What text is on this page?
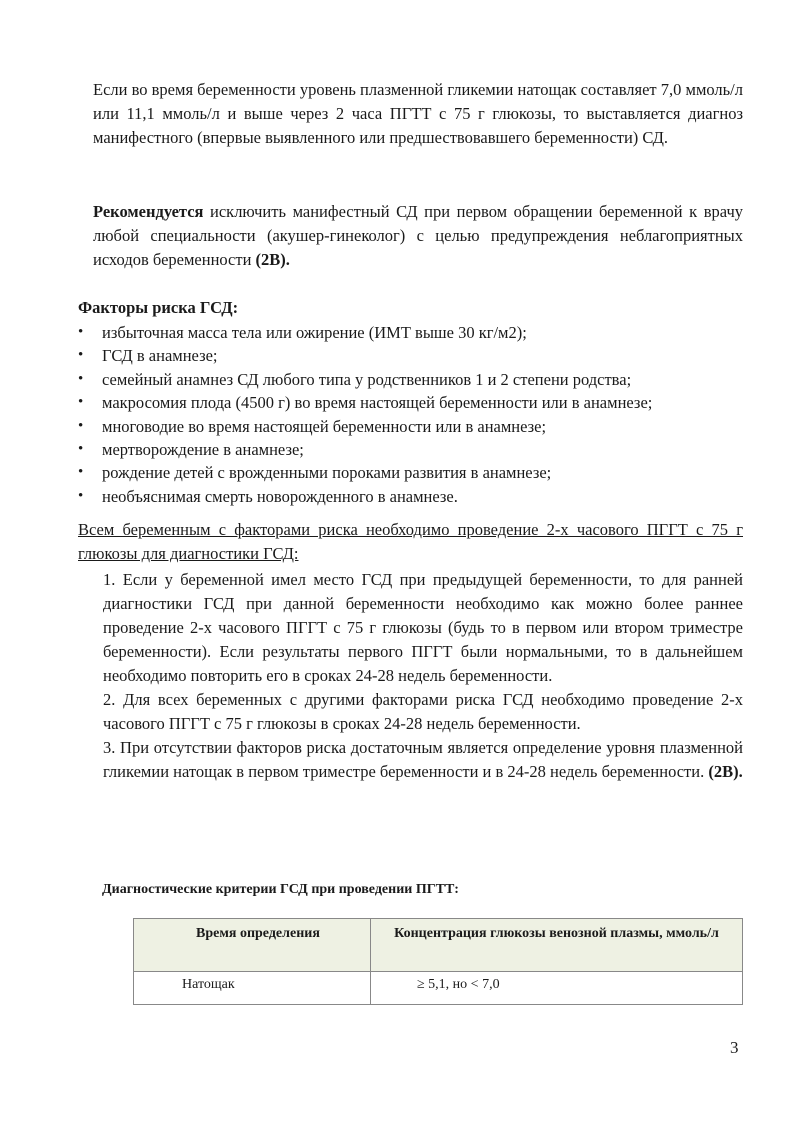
Если во время беременности уровень плазменной гликемии натощак составляет 7,0 ммоль/л или 11,1 ммоль/л и выше через 2 часа ПГТТ с 75 г глюкозы, то выставляется диагноз манифестного (впервые выявленного или предшествовавшего беременности) СД.
Рекомендуется исключить манифестный СД при первом обращении беременной к врачу любой специальности (акушер-гинеколог) с целью предупреждения неблагоприятных исходов беременности (2В).
Факторы риска ГСД:
• избыточная масса тела или ожирение (ИМТ выше 30 кг/м2);
• ГСД в анамнезе;
• семейный анамнез СД любого типа у родственников 1 и 2 степени родства;
• макросомия плода (4500 г) во время настоящей беременности или в анамнезе;
• многоводие во время настоящей беременности или в анамнезе;
• мертворождение в анамнезе;
• рождение детей с врожденными пороками развития в анамнезе;
• необъяснимая смерть новорожденного в анамнезе.
Всем беременным с факторами риска необходимо проведение 2-х часового ПГГТ с 75 г глюкозы для диагностики ГСД:
1. Если у беременной имел место ГСД при предыдущей беременности, то для ранней диагностики ГСД при данной беременности необходимо как можно более раннее проведение 2-х часового ПГГТ с 75 г глюкозы (будь то в первом или втором триместре беременности). Если результаты первого ПГГТ были нормальными, то в дальнейшем необходимо повторить его в сроках 24-28 недель беременности.
2. Для всех беременных с другими факторами риска ГСД необходимо проведение 2-х часового ПГГТ с 75 г глюкозы в сроках 24-28 недель беременности.
3. При отсутствии факторов риска достаточным является определение уровня плазменной гликемии натощак в первом триместре беременности и в 24-28 недель беременности. (2В).
Диагностические критерии ГСД при проведении ПГТТ:
Время определения	Концентрация глюкозы венозной плазмы, ммоль/л

Натощак	≥ 5,1, но < 7,0
3
